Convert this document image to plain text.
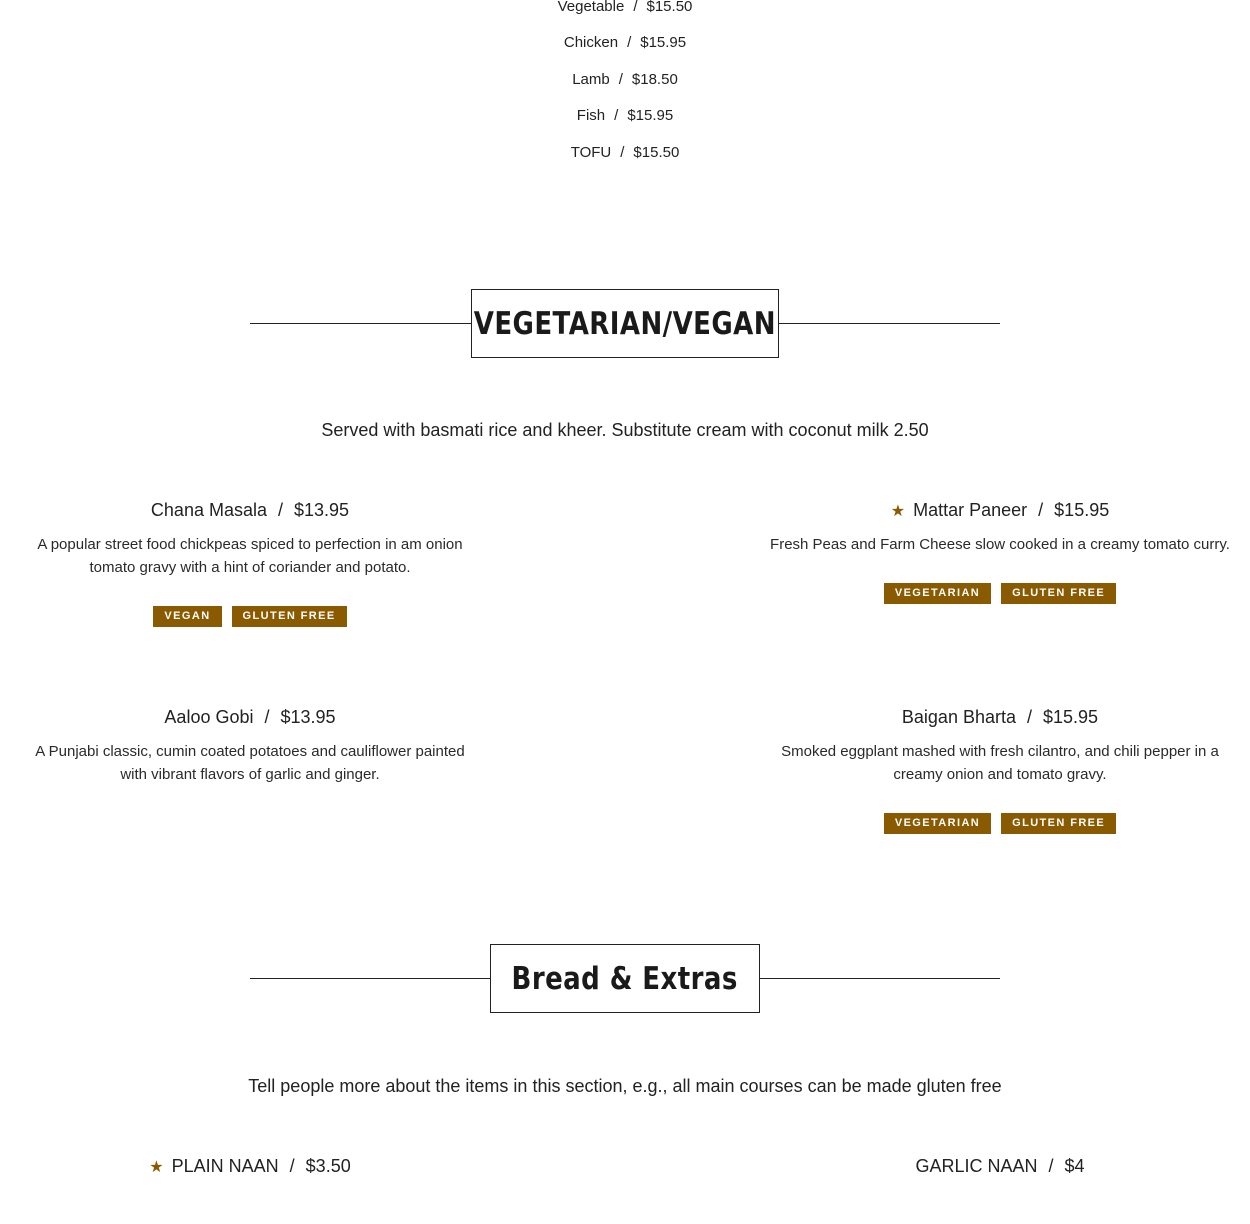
Vegetable / $15.50
Chicken / $15.95
Lamb / $18.50
Fish / $15.95
TOFU / $15.50
VEGETARIAN/VEGAN
Served with basmati rice and kheer. Substitute cream with coconut milk 2.50
Chana Masala / $13.95
A popular street food chickpeas spiced to perfection in am onion tomato gravy with a hint of coriander and potato.
VEGAN	GLUTEN FREE
★ Mattar Paneer / $15.95
Fresh Peas and Farm Cheese slow cooked in a creamy tomato curry.
VEGETARIAN	GLUTEN FREE
Aaloo Gobi / $13.95
A Punjabi classic, cumin coated potatoes and cauliflower painted with vibrant flavors of garlic and ginger.
Baigan Bharta / $15.95
Smoked eggplant mashed with fresh cilantro, and chili pepper in a creamy onion and tomato gravy.
VEGETARIAN	GLUTEN FREE
Bread & Extras
Tell people more about the items in this section, e.g., all main courses can be made gluten free
★ PLAIN NAAN / $3.50	GARLIC NAAN / $4
